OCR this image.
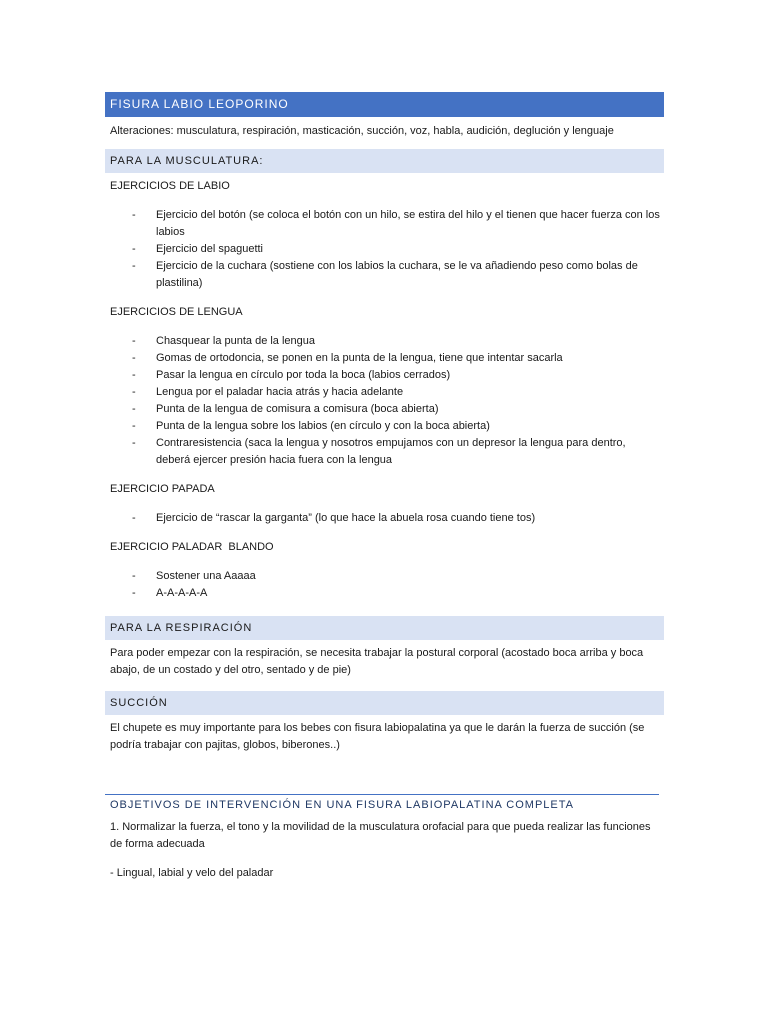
FISURA LABIO LEOPORINO

Alteraciones: musculatura, respiración, masticación, succión, voz, habla, audición, deglución y lenguaje

PARA LA MUSCULATURA:

EJERCICIOS DE LABIO

- Ejercicio del botón (se coloca el botón con un hilo, se estira del hilo y el tienen que hacer fuerza con los labios
- Ejercicio del spaguetti
- Ejercicio de la cuchara (sostiene con los labios la cuchara, se le va añadiendo peso como bolas de plastilina)

EJERCICIOS DE LENGUA

- Chasquear la punta de la lengua
- Gomas de ortodoncia, se ponen en la punta de la lengua, tiene que intentar sacarla
- Pasar la lengua en círculo por toda la boca (labios cerrados)
- Lengua por el paladar hacia atrás y hacia adelante
- Punta de la lengua de comisura a comisura (boca abierta)
- Punta de la lengua sobre los labios (en círculo y con la boca abierta)
- Contraresistencia (saca la lengua y nosotros empujamos con un depresor la lengua para dentro, deberá ejercer presión hacia fuera con la lengua

EJERCICIO PAPADA

- Ejercicio de “rascar la garganta” (lo que hace la abuela rosa cuando tiene tos)

EJERCICIO PALADAR  BLANDO

- Sostener una Aaaaa
- A-A-A-A-A
PARA LA RESPIRACIÓN

Para poder empezar con la respiración, se necesita trabajar la postural corporal (acostado boca arriba y boca abajo, de un costado y del otro, sentado y de pie)

SUCCIÓN

El chupete es muy importante para los bebes con fisura labiopalatina ya que le darán la fuerza de succión (se podría trabajar con pajitas, globos, biberones..)

OBJETIVOS DE INTERVENCIÓN EN UNA FISURA LABIOPALATINA COMPLETA

1. Normalizar la fuerza, el tono y la movilidad de la musculatura orofacial para que pueda realizar las funciones de forma adecuada

- Lingual, labial y velo del paladar
